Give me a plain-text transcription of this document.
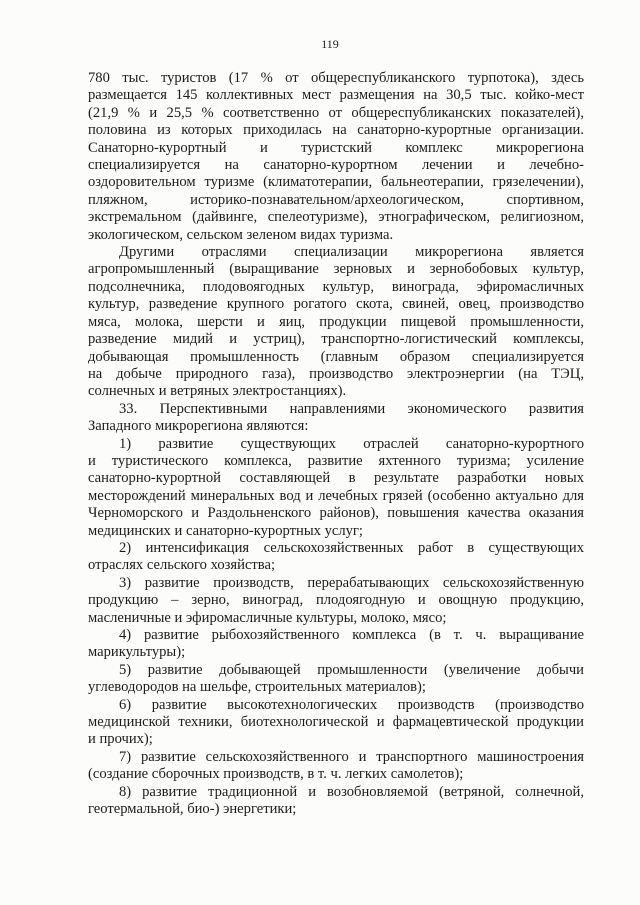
119
780 тыс. туристов (17 % от общереспубликанского турпотока), здесь
размещается 145 коллективных мест размещения на 30,5 тыс. койко-мест
(21,9 % и 25,5 % соответственно от общереспубликанских показателей),
половина из которых приходилась на санаторно-курортные организации.
Санаторно-курортный и туристский комплекс микрорегиона
специализируется на санаторно-курортном лечении и лечебно-
оздоровительном туризме (климатотерапии, бальнеотерапии, грязелечении),
пляжном, историко-познавательном/археологическом, спортивном,
экстремальном (дайвинге, спелеотуризме), этнографическом, религиозном,
экологическом, сельском зеленом видах туризма.
Другими отраслями специализации микрорегиона является
агропромышленный (выращивание зерновых и зернобобовых культур,
подсолнечника, плодовоягодных культур, винограда, эфиромасличных
культур, разведение крупного рогатого скота, свиней, овец, производство
мяса, молока, шерсти и яиц, продукции пищевой промышленности,
разведение мидий и устриц), транспортно-логистический комплексы,
добывающая промышленность (главным образом специализируется
на добыче природного газа), производство электроэнергии (на ТЭЦ,
солнечных и ветряных электростанциях).
33. Перспективными направлениями экономического развития
Западного микрорегиона являются:
1) развитие существующих отраслей санаторно-курортного
и туристического комплекса, развитие яхтенного туризма; усиление
санаторно-курортной составляющей в результате разработки новых
месторождений минеральных вод и лечебных грязей (особенно актуально для
Черноморского и Раздольненского районов), повышения качества оказания
медицинских и санаторно-курортных услуг;
2) интенсификация сельскохозяйственных работ в существующих
отраслях сельского хозяйства;
3) развитие производств, перерабатывающих сельскохозяйственную
продукцию – зерно, виноград, плодоягодную и овощную продукцию,
масленичные и эфиромасличные культуры, молоко, мясо;
4) развитие рыбохозяйственного комплекса (в т. ч. выращивание
марикультуры);
5) развитие добывающей промышленности (увеличение добычи
углеводородов на шельфе, строительных материалов);
6) развитие высокотехнологических производств (производство
медицинской техники, биотехнологической и фармацевтической продукции
и прочих);
7) развитие сельскохозяйственного и транспортного машиностроения
(создание сборочных производств, в т. ч. легких самолетов);
8) развитие традиционной и возобновляемой (ветряной, солнечной,
геотермальной, био-) энергетики;
